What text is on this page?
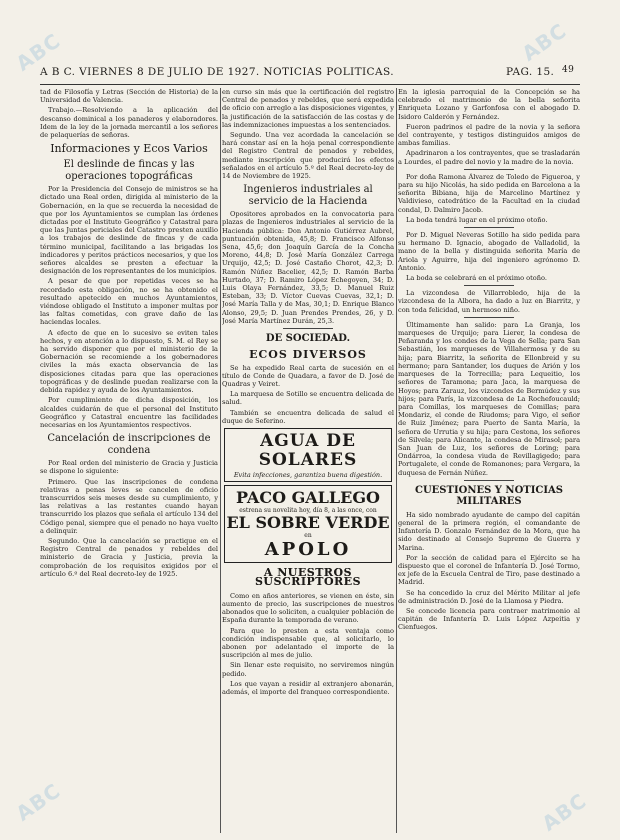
ABC	ABC
ABC	ABC
A B C. VIERNES 8 DE JULIO DE 1927. NOTICIAS POLITICAS.	PAG. 15. 49

tad de Filosofía y Letras (Sección de Historia) de la Universidad de Valencia.

Trabajo.—Resolviendo a la aplicación del descanso dominical a los panaderos y elaboradores. Idem de la ley de la jornada mercantil a los señores de pelaquerías de señoras.

Informaciones y Ecos Varios
El deslinde de fincas y las operaciones topográficas

Por la Presidencia del Consejo de ministros se ha dictado una Real orden, dirigida al ministerio de la Gobernación, en la que se recuerda la necesidad de que por los Ayuntamientos se cumplan las órdenes dictadas por el Instituto Geográfico y Catastral para que las Juntas periciales del Catastro presten auxilio a los trabajos de deslinde de fincas y de cada término municipal, facilitando a las brigadas los indicadores y peritos prácticos necesarios, y que los señores alcaldes se presten a efectuar la designación de los representantes de los municipios.

A pesar de que por repetidas veces se ha recordado esta obligación, no se ha obtenido el resultado apetecido en muchos Ayuntamientos, viéndose obligado el Instituto a imponer multas por las faltas cometidas, con grave daño de las haciendas locales.

A efecto de que en lo sucesivo se eviten tales hechos, y en atención a lo dispuesto, S. M. el Rey se ha servido disponer que por el ministerio de la Gobernación se recomiende a los gobernadores civiles la más exacta observancia de las disposiciones citadas para que las operaciones topográficas y de deslinde puedan realizarse con la debida rapidez y ayuda de los Ayuntamientos.

Por cumplimiento de dicha disposición, los alcaldes cuidarán de que el personal del Instituto Geográfico y Catastral encuentre las facilidades necesarias en los Ayuntamientos respectivos.

Cancelación de inscripciones de condena

Por Real orden del ministerio de Gracia y Justicia se dispone lo siguiente:

Primero. Que las inscripciones de condena relativas a penas leves se cancelen de oficio transcurridos seis meses desde su cumplimiento, y las relativas a las restantes cuando hayan transcurrido los plazos que señala el artículo 134 del Código penal, siempre que el penado no haya vuelto a delinquir.

Segundo. Que la cancelación se practique en el Registro Central de penados y rebeldes del ministerio de Gracia y Justicia, previa la comprobación de los requisitos exigidos por el artículo 6.º del Real decreto-ley de 1925.

en curso sin más que la certificación del registro Central de penados y rebeldes, que será expedida de oficio con arreglo a las disposiciones vigentes, y la justificación de la satisfacción de las costas y de las indemnizaciones impuestas a los sentenciados.

Segundo. Una vez acordada la cancelación se hará constar así en la hoja penal correspondiente del Registro Central de penados y rebeldes, mediante inscripción que producirá los efectos señalados en el artículo 5.º del Real decreto-ley de 14 de Noviembre de 1925.

Ingenieros industriales al servicio de la Hacienda

Opositores aprobados en la convocatoria para plazas de Ingenieros industriales al servicio de la Hacienda pública: Don Antonio Gutiérrez Aubrel, puntuación obtenida, 45,8; D. Francisco Alfonso Sena, 45,6; don Joaquín García de la Concha Moreno, 44,8; D. José María González Carrega Urquijo, 42,5; D. José Castaño Chorot, 42,3; D. Ramón Núñez Bacelier, 42,5; D. Ramón Barba Hurtado, 37; D. Ramiro López Echegoyen, 34; D. Luis Olaya Fernández, 33,5; D. Manuel Ruiz Esteban, 33; D. Víctor Cuevas Cuevas, 32,1; D. José María Talla y de Mas, 30,1; D. Enrique Blanco Alonso, 29,5; D. Juan Prendes Prendes, 26, y D. José María Martínez Durán, 25,3.

DE SOCIEDAD.
ECOS DIVERSOS

Se ha expedido Real carta de sucesión en el título de Conde de Quadara, a favor de D. José de Quadras y Veiret.

La marquesa de Sotillo se encuentra delicada de salud.

También se encuentra delicada de salud el duque de Seferino.

AGUA DE SOLARES
Evita infecciones, garantiza buena digestión.
PACO GALLEGO
estrena su novelita hoy, día 8, a las once, con
EL SOBRE VERDE
en
APOLO
A NUESTROS SUSCRIPTORES

Como en años anteriores, se vienen en éste, sin aumento de precio, las suscripciones de nuestros abonados que lo soliciten, a cualquier población de España durante la temporada de verano.

Para que lo presten a esta ventaja como condición indispensable que, al solicitarlo, lo abonen por adelantado el importe de la suscripción al mes de julio.

Sin llenar este requisito, no serviremos ningún pedido.

Los que vayan a residir al extranjero abonarán, además, el importe del franqueo correspondiente.

En la iglesia parroquial de la Concepción se ha celebrado el matrimonio de la bella señorita Enriqueta Lozano y Garfonfosa con el abogado D. Isidoro Calderón y Fernández.

Fueron padrinos el padre de la novia y la señora del contrayente, y testigos distinguidos amigos de ambas familias.

Apadrinaron a los contrayentes, que se trasladarán a Lourdes, el padre del novio y la madre de la novia.

Por doña Ramona Álvarez de Toledo de Figueroa, y para su hijo Nicolás, ha sido pedida en Barcelona a la señorita Bibiana, hija de Marcelino Martínez y Valdivieso, catedrático de la Facultad en la ciudad condal, D. Dalmiro Jacob.

La boda tendrá lugar en el próximo otoño.

Por D. Miguel Neveras Sotillo ha sido pedida para su hermano D. Ignacio, abogado de Valladolid, la mano de la bella y distinguida señorita María de Ariola y Aguirre, hija del ingeniero agrónomo D. Antonio.

La boda se celebrará en el próximo otoño.

La vizcondesa de Villarrobledo, hija de la vizcondesa de la Albora, ha dado a luz en Biarritz, y con toda felicidad, un hermoso niño.

Últimamente han salido: para La Granja, los marqueses de Urquijo; para Lierer, la condesa de Peñaranda y los condes de la Vega de Sella; para San Sebastián, los marqueses de Villahermosa y de su hija; para Biarritz, la señorita de Ellonbreid y su hermano; para Santander, los duques de Arión y los marqueses de la Torrecilla; para Lequeitio, los señores de Taramona; para Jaca, la marquesa de Hoyos; para Zarauz, los vizcondes de Bermúdez y sus hijos; para París, la vizcondesa de La Rochefoucauld; para Comillas, los marqueses de Comillas; para Mondariz, el conde de Riudoms; para Vigo, el señor de Ruiz Jiménez; para Puerto de Santa María, la señora de Urrutia y su hija; para Cestona, los señores de Silvela; para Alicante, la condesa de Mirasol; para San Juan de Luz, los señores de Loring; para Ondárroa, la condesa viuda de Revillagigedo; para Portugalete, el conde de Romanones; para Vergara, la duquesa de Fernán Núñez.

CUESTIONES Y NOTICIAS MILITARES

Ha sido nombrado ayudante de campo del capitán general de la primera región, el comandante de Infantería D. Gonzalo Fernández de la Mora, que ha sido destinado al Consejo Supremo de Guerra y Marina.

Por la sección de calidad para el Ejército se ha dispuesto que el coronel de Infantería D. José Tormo, ex jefe de la Escuela Central de Tiro, pase destinado a Madrid.

Se ha concedido la cruz del Mérito Militar al jefe de administración D. José de la Llamosa y Piedra.

Se concede licencia para contraer matrimonio al capitán de Infantería D. Luis López Azpeitia y Cienfuegos.
